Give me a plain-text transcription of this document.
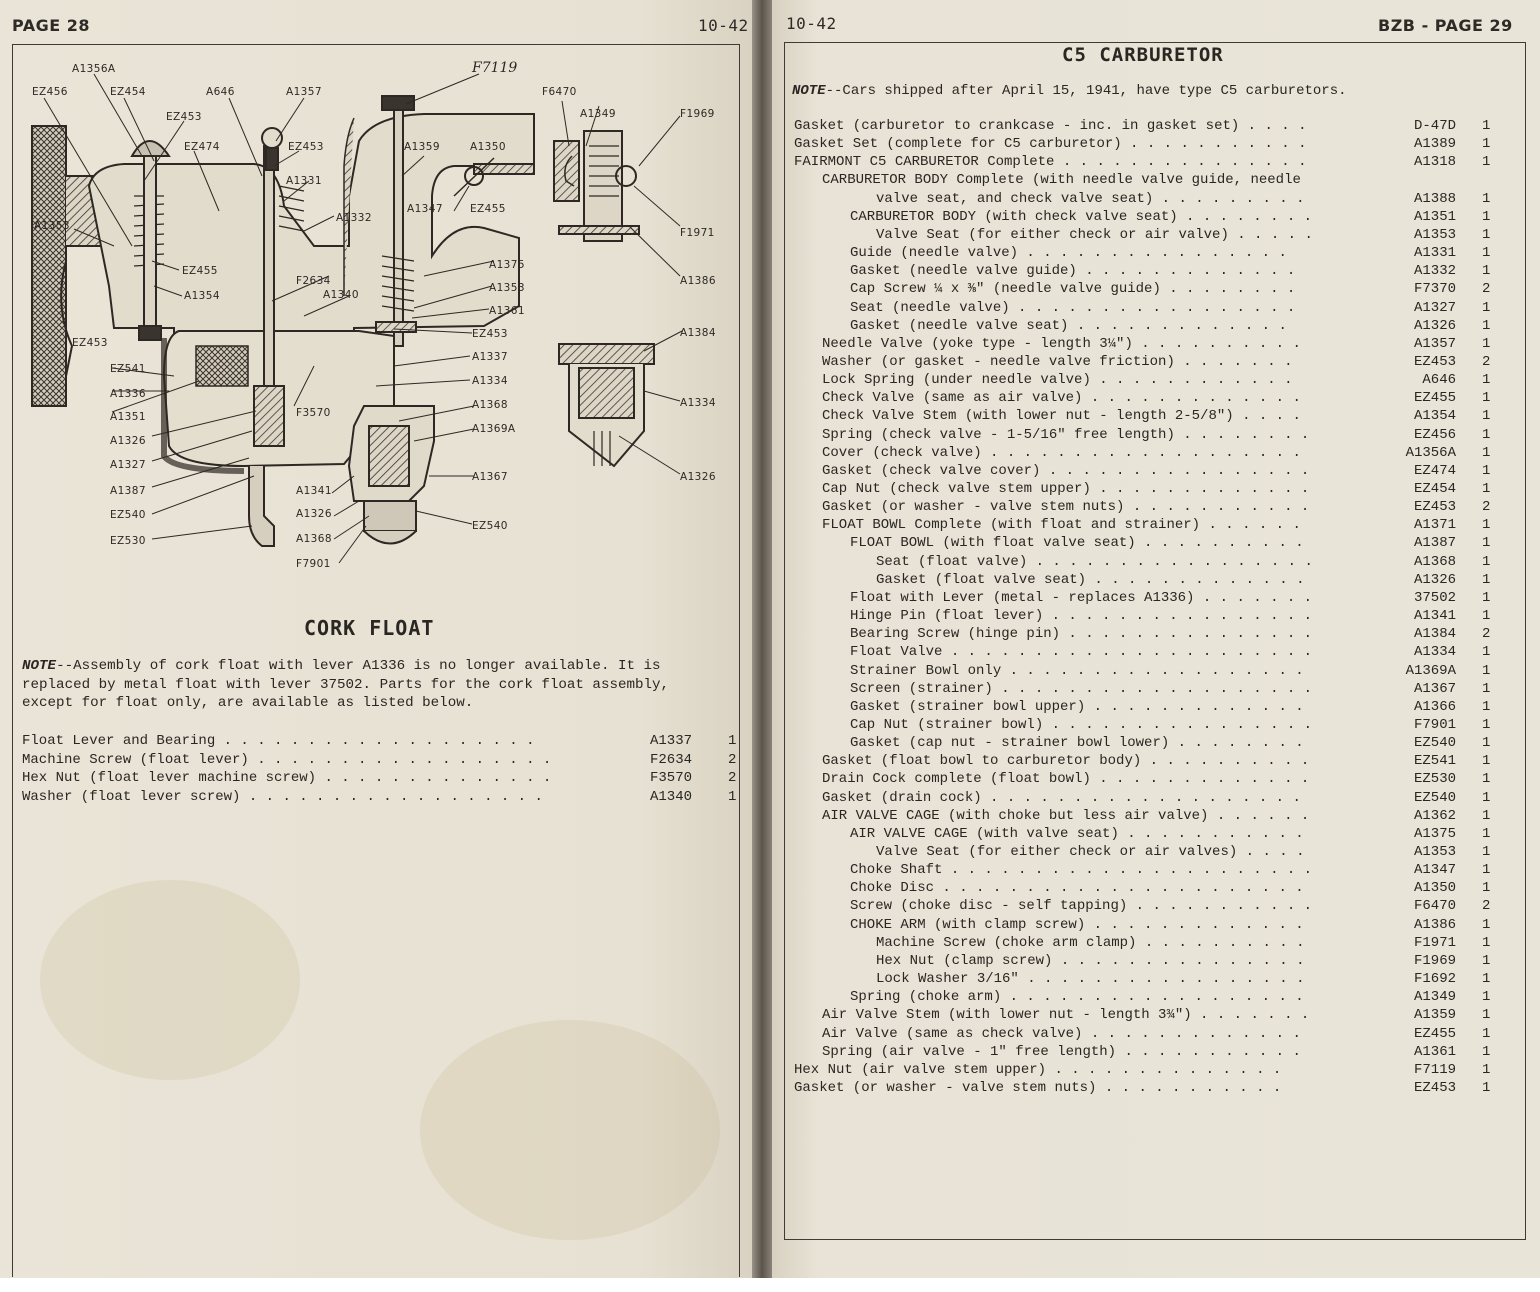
PAGE 28	10-42
F7119
A1356A
EZ456	EZ454	A646	A1357	F6470
A1349	F1969
EZ453
EZ474	EZ453
A1331
A1359	A1350
A1347	EZ455
A1353
A1332
F1971
EZ455
A1354
F2634
A1340
A1375
A1353
A1361
A1386
EZ453
EZ453
EZ541
A1336
A1351
A1326
A1327
A1387
EZ540
EZ530
F3570
A1337
A1334
A1368
A1369A
A1367
A1341
A1326
A1368
F7901
EZ540
A1384
A1334
A1326
CORK FLOAT
NOTE--Assembly of cork float with lever A1336 is no longer available. It is
replaced by metal float with lever 37502. Parts for the cork float assembly,
except for float only, are available as listed below.
Float Lever and Bearing . . . . . . . . . . . . . . . . . . .	A1337	1
Machine Screw (float lever) . . . . . . . . . . . . . . . . . .	F2634	2
Hex Nut (float lever machine screw) . . . . . . . . . . . . . .	F3570	2
Washer (float lever screw) . . . . . . . . . . . . . . . . . .	A1340	1
10-42	BZB - PAGE 29
C5 CARBURETOR
NOTE--Cars shipped after April 15, 1941, have type C5 carburetors.
Gasket (carburetor to crankcase - inc. in gasket set) . . . .	D-47D 1
Gasket Set (complete for C5 carburetor) . . . . . . . . . . .	A1389 1
FAIRMONT C5 CARBURETOR Complete . . . . . . . . . . . . . . .	A1318 1
CARBURETOR BODY Complete (with needle valve guide, needle
valve seat, and check valve seat) . . . . . . . . .	A1388 1
CARBURETOR BODY (with check valve seat) . . . . . . . .	A1351 1
Valve Seat (for either check or air valve) . . . . .	A1353 1
Guide (needle valve) . . . . . . . . . . . . . . . .	A1331 1
Gasket (needle valve guide) . . . . . . . . . . . . .	A1332 1
Cap Screw ¼ x ⅜" (needle valve guide) . . . . . . . .	F7370 2
Seat (needle valve) . . . . . . . . . . . . . . . . .	A1327 1
Gasket (needle valve seat) . . . . . . . . . . . . .	A1326 1
Needle Valve (yoke type - length 3¼") . . . . . . . . . .	A1357 1
Washer (or gasket - needle valve friction) . . . . . . .	EZ453 2
Lock Spring (under needle valve) . . . . . . . . . . . .	A646 1
Check Valve (same as air valve) . . . . . . . . . . . . .	EZ455 1
Check Valve Stem (with lower nut - length 2-5/8") . . . .	A1354 1
Spring (check valve - 1-5/16" free length) . . . . . . . .	EZ456 1
Cover (check valve) . . . . . . . . . . . . . . . . . . .	A1356A 1
Gasket (check valve cover) . . . . . . . . . . . . . . . .	EZ474 1
Cap Nut (check valve stem upper) . . . . . . . . . . . . .	EZ454 1
Gasket (or washer - valve stem nuts) . . . . . . . . . . .	EZ453 2
FLOAT BOWL Complete (with float and strainer) . . . . . .	A1371 1
FLOAT BOWL (with float valve seat) . . . . . . . . . .	A1387 1
Seat (float valve) . . . . . . . . . . . . . . . . .	A1368 1
Gasket (float valve seat) . . . . . . . . . . . . .	A1326 1
Float with Lever (metal - replaces A1336) . . . . . . .	37502 1
Hinge Pin (float lever) . . . . . . . . . . . . . . . .	A1341 1
Bearing Screw (hinge pin) . . . . . . . . . . . . . . .	A1384 2
Float Valve . . . . . . . . . . . . . . . . . . . . . .	A1334 1
Strainer Bowl only . . . . . . . . . . . . . . . . . .	A1369A 1
Screen (strainer) . . . . . . . . . . . . . . . . . . .	A1367 1
Gasket (strainer bowl upper) . . . . . . . . . . . . .	A1366 1
Cap Nut (strainer bowl) . . . . . . . . . . . . . . . .	F7901 1
Gasket (cap nut - strainer bowl lower) . . . . . . . .	EZ540 1
Gasket (float bowl to carburetor body) . . . . . . . . . .	EZ541 1
Drain Cock complete (float bowl) . . . . . . . . . . . . .	EZ530 1
Gasket (drain cock) . . . . . . . . . . . . . . . . . . .	EZ540 1
AIR VALVE CAGE (with choke but less air valve) . . . . . .	A1362 1
AIR VALVE CAGE (with valve seat) . . . . . . . . . . .	A1375 1
Valve Seat (for either check or air valves) . . . .	A1353 1
Choke Shaft . . . . . . . . . . . . . . . . . . . . . .	A1347 1
Choke Disc . . . . . . . . . . . . . . . . . . . . . .	A1350 1
Screw (choke disc - self tapping) . . . . . . . . . . .	F6470 2
CHOKE ARM (with clamp screw) . . . . . . . . . . . . .	A1386 1
Machine Screw (choke arm clamp) . . . . . . . . . .	F1971 1
Hex Nut (clamp screw) . . . . . . . . . . . . . . .	F1969 1
Lock Washer 3/16" . . . . . . . . . . . . . . . . .	F1692 1
Spring (choke arm) . . . . . . . . . . . . . . . . . .	A1349 1
Air Valve Stem (with lower nut - length 3¾") . . . . . . .	A1359 1
Air Valve (same as check valve) . . . . . . . . . . . . .	EZ455 1
Spring (air valve - 1" free length) . . . . . . . . . . .	A1361 1
Hex Nut (air valve stem upper) . . . . . . . . . . . . . .	F7119 1
Gasket (or washer - valve stem nuts) . . . . . . . . . . .	EZ453 1
